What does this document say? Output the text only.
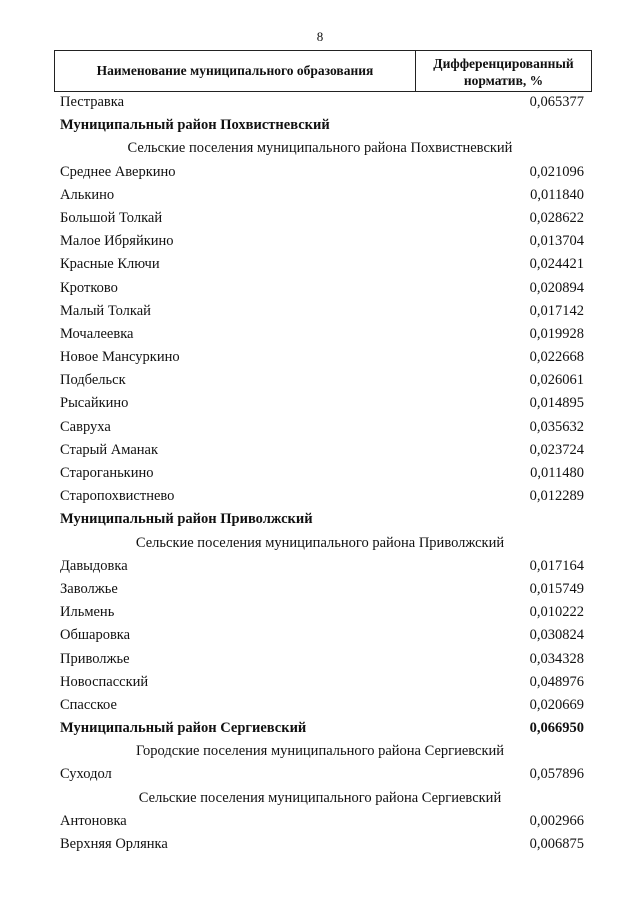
8
Наименование муниципального образования	Дифференцированный
норматив, %
Пестравка	0,065377
Муниципальный район Похвистневский
Сельские поселения муниципального района Похвистневский
Среднее Аверкино	0,021096
Алькино	0,011840
Большой Толкай	0,028622
Малое Ибряйкино	0,013704
Красные Ключи	0,024421
Кротково	0,020894
Малый Толкай	0,017142
Мочалеевка	0,019928
Новое Мансуркино	0,022668
Подбельск	0,026061
Рысайкино	0,014895
Савруха	0,035632
Старый Аманак	0,023724
Староганькино	0,011480
Старопохвистнево	0,012289
Муниципальный район Приволжский
Сельские поселения муниципального района Приволжский
Давыдовка	0,017164
Заволжье	0,015749
Ильмень	0,010222
Обшаровка	0,030824
Приволжье	0,034328
Новоспасский	0,048976
Спасское	0,020669
Муниципальный район Сергиевский	0,066950
Городские поселения муниципального района Сергиевский
Суходол	0,057896
Сельские поселения муниципального района Сергиевский
Антоновка	0,002966
Верхняя Орлянка	0,006875
